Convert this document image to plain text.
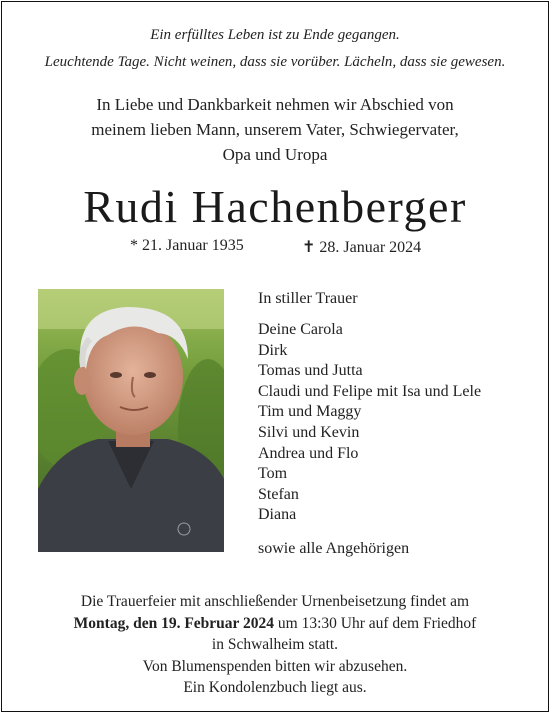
Ein erfülltes Leben ist zu Ende gegangen.
Leuchtende Tage. Nicht weinen, dass sie vorüber. Lächeln, dass sie gewesen.
In Liebe und Dankbarkeit nehmen wir Abschied von
meinem lieben Mann, unserem Vater, Schwiegervater,
Opa und Uropa
Rudi Hachenberger
* 21. Januar 1935	✝ 28. Januar 2024
In stiller Trauer
Deine Carola
Dirk
Tomas und Jutta
Claudi und Felipe mit Isa und Lele
Tim und Maggy
Silvi und Kevin
Andrea und Flo
Tom
Stefan
Diana
sowie alle Angehörigen
Die Trauerfeier mit anschließender Urnenbeisetzung findet am
Montag, den 19. Februar 2024 um 13:30 Uhr auf dem Friedhof
in Schwalheim statt.
Von Blumenspenden bitten wir abzusehen.
Ein Kondolenzbuch liegt aus.
